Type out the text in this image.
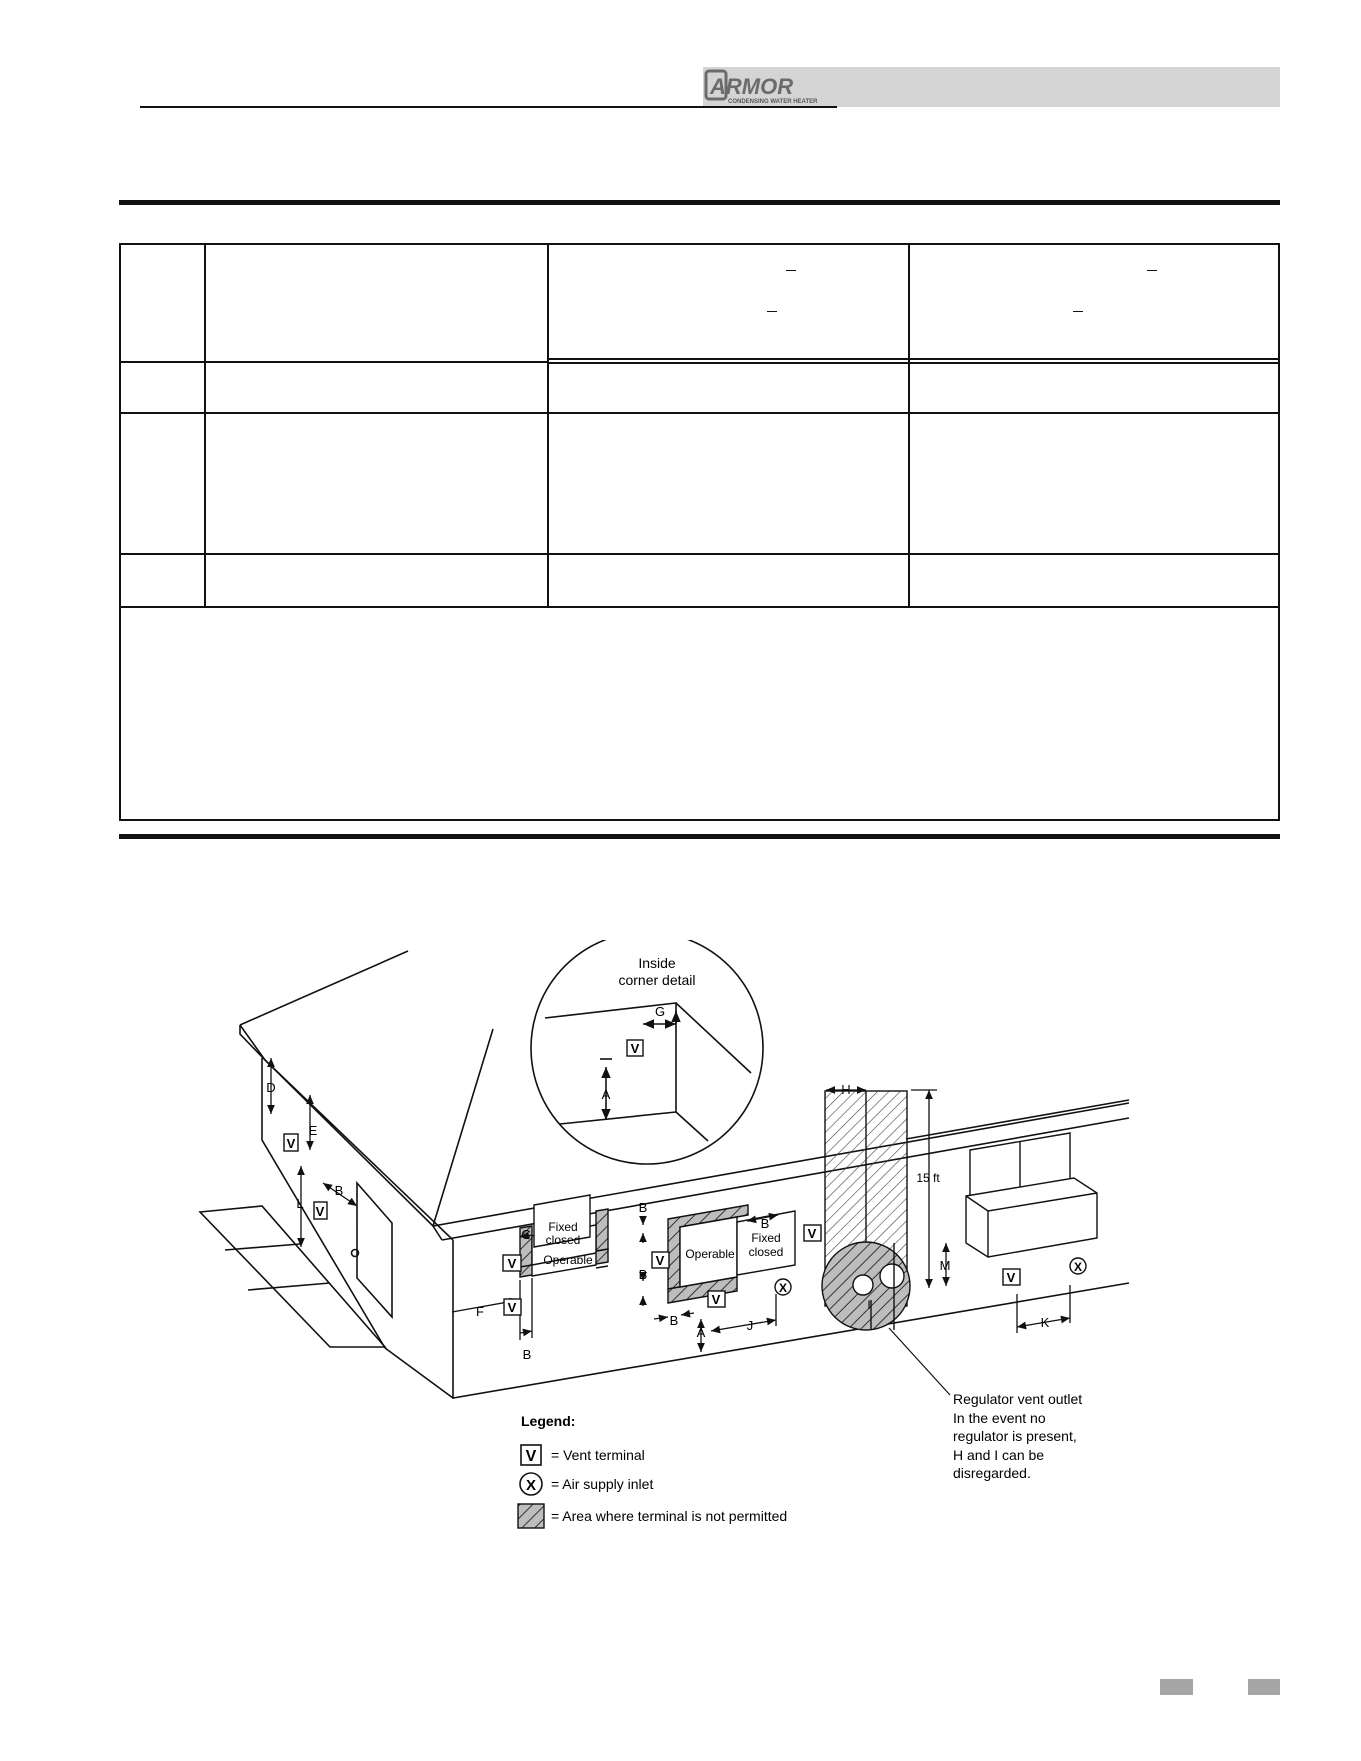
ARMOR
CONDENSING WATER HEATER
Inside
corner detail
G
A
V
D
E
L
B
V
V
Fixed
closed
Operable
C
F
B
V
V
Operable
Fixed
closed
B
B
B
B
A	J
V
V
V
X
H
15 ft
I
M
K
V
X
Regulator vent outlet
In the event no
regulator is present,
H and I can be
disregarded.
Legend:
V = Vent terminal
X = Air supply inlet
= Area where terminal is not permitted
